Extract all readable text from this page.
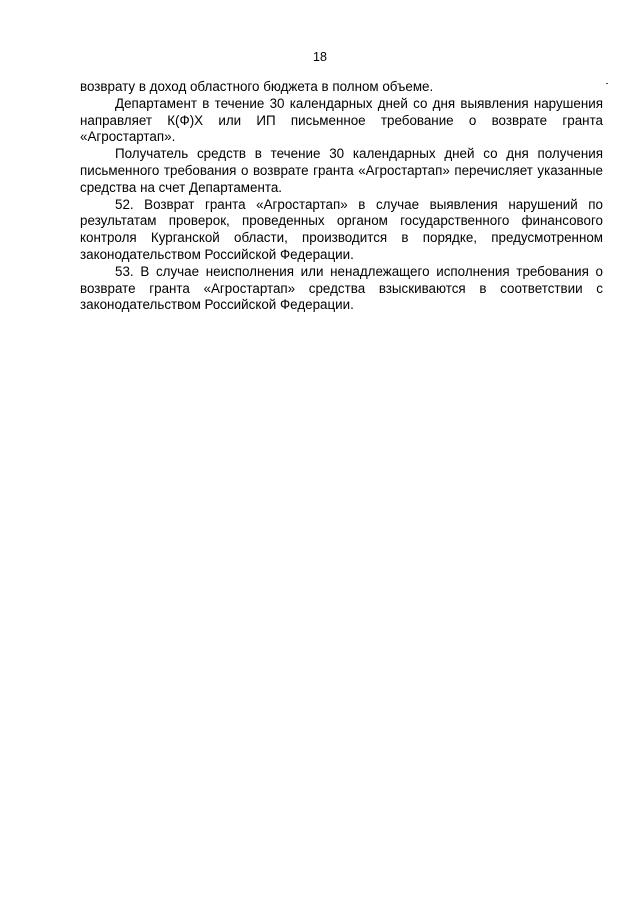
18

возврату в доход областного бюджета в полном объеме.

Департамент в течение 30 календарных дней со дня выявления нарушения направляет К(Ф)Х или ИП письменное требование о возврате гранта «Агростартап».

Получатель средств в течение 30 календарных дней со дня получения письменного требования о возврате гранта «Агростартап» перечисляет указанные средства на счет Департамента.

52. Возврат гранта «Агростартап» в случае выявления нарушений по результатам проверок, проведенных органом государственного финансового контроля Курганской области, производится в порядке, предусмотренном законодательством Российской Федерации.

53. В случае неисполнения или ненадлежащего исполнения требования о возврате гранта «Агростартап» средства взыскиваются в соответствии с законодательством Российской Федерации.
